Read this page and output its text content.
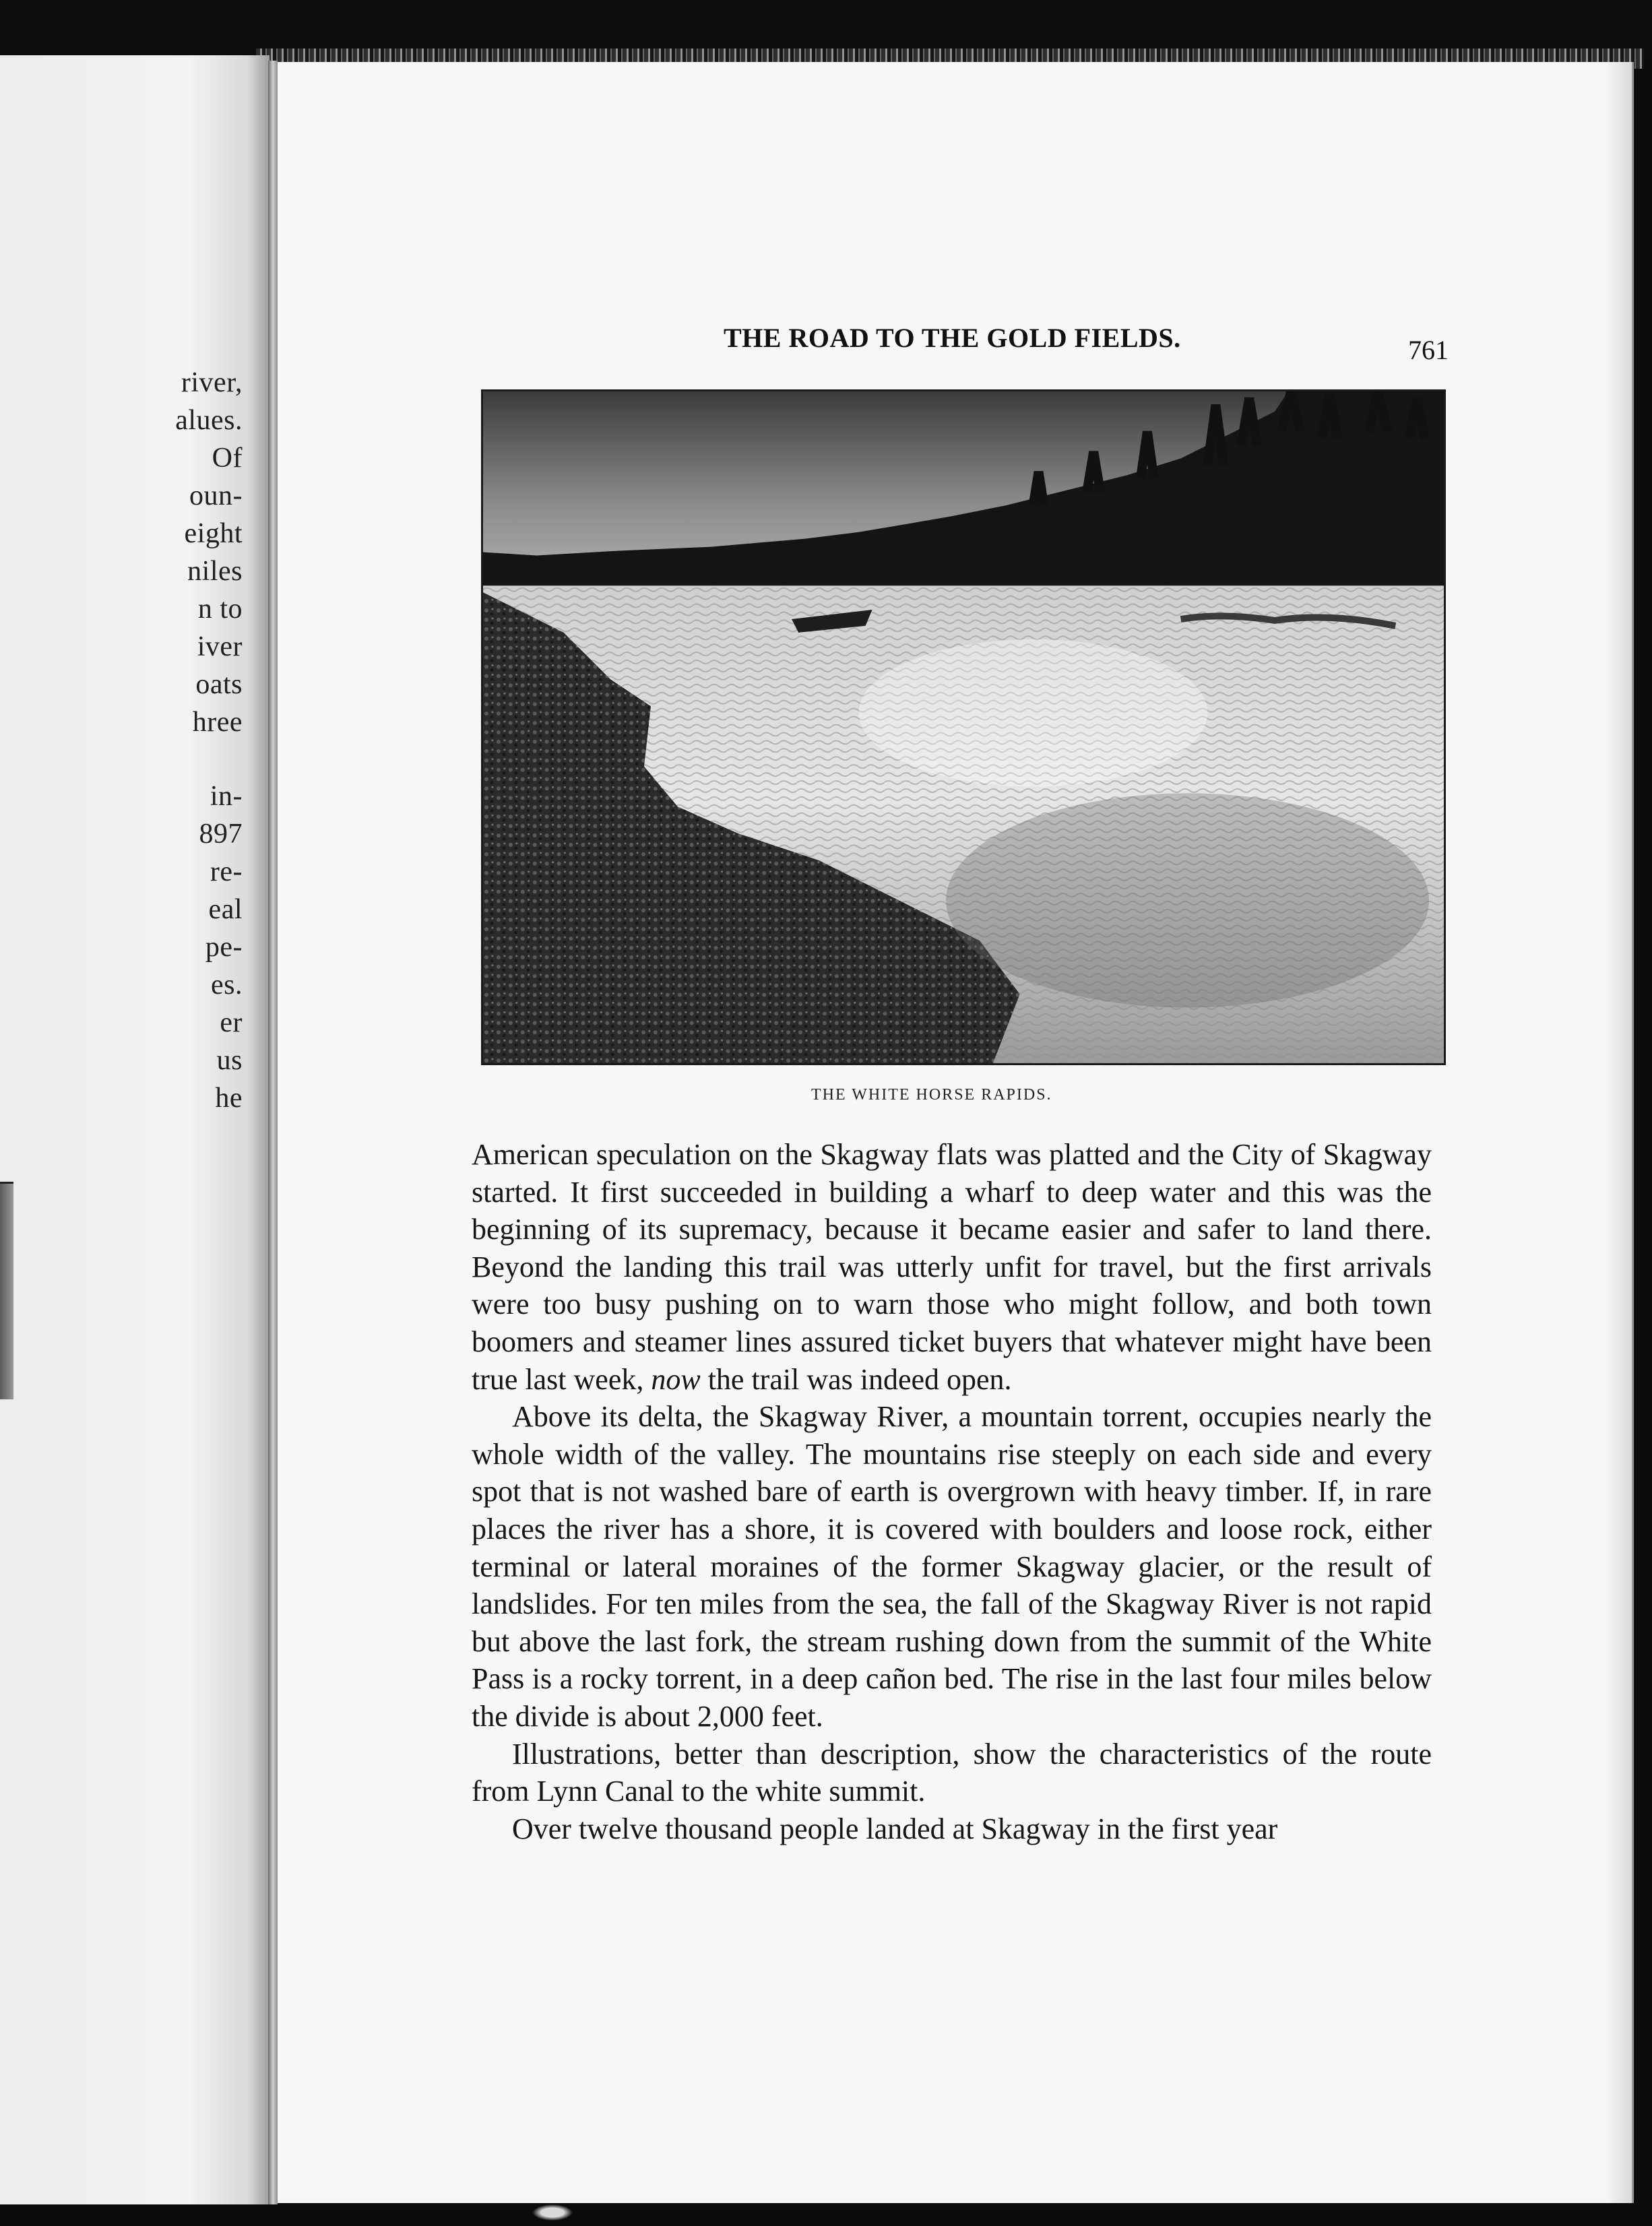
river,
alues.
Of
oun-
eight
niles
n to
iver
oats
hree
in-
897
re-
eal
pe-
es.
er
us
he
THE ROAD TO THE GOLD FIELDS.	761
THE WHITE HORSE RAPIDS.

American speculation on the Skagway flats was platted and the City of Skagway started. It first succeeded in building a wharf to deep water and this was the beginning of its supremacy, because it became easier and safer to land there. Beyond the landing this trail was utterly unfit for travel, but the first arrivals were too busy pushing on to warn those who might follow, and both town boomers and steamer lines assured ticket buyers that whatever might have been true last week, now the trail was indeed open.

Above its delta, the Skagway River, a mountain torrent, occupies nearly the whole width of the valley. The mountains rise steeply on each side and every spot that is not washed bare of earth is overgrown with heavy timber. If, in rare places the river has a shore, it is covered with boulders and loose rock, either terminal or lateral moraines of the former Skagway glacier, or the result of landslides. For ten miles from the sea, the fall of the Skagway River is not rapid but above the last fork, the stream rushing down from the summit of the White Pass is a rocky torrent, in a deep cañon bed. The rise in the last four miles below the divide is about 2,000 feet.

Illustrations, better than description, show the characteristics of the route from Lynn Canal to the white summit.

Over twelve thousand people landed at Skagway in the first year
